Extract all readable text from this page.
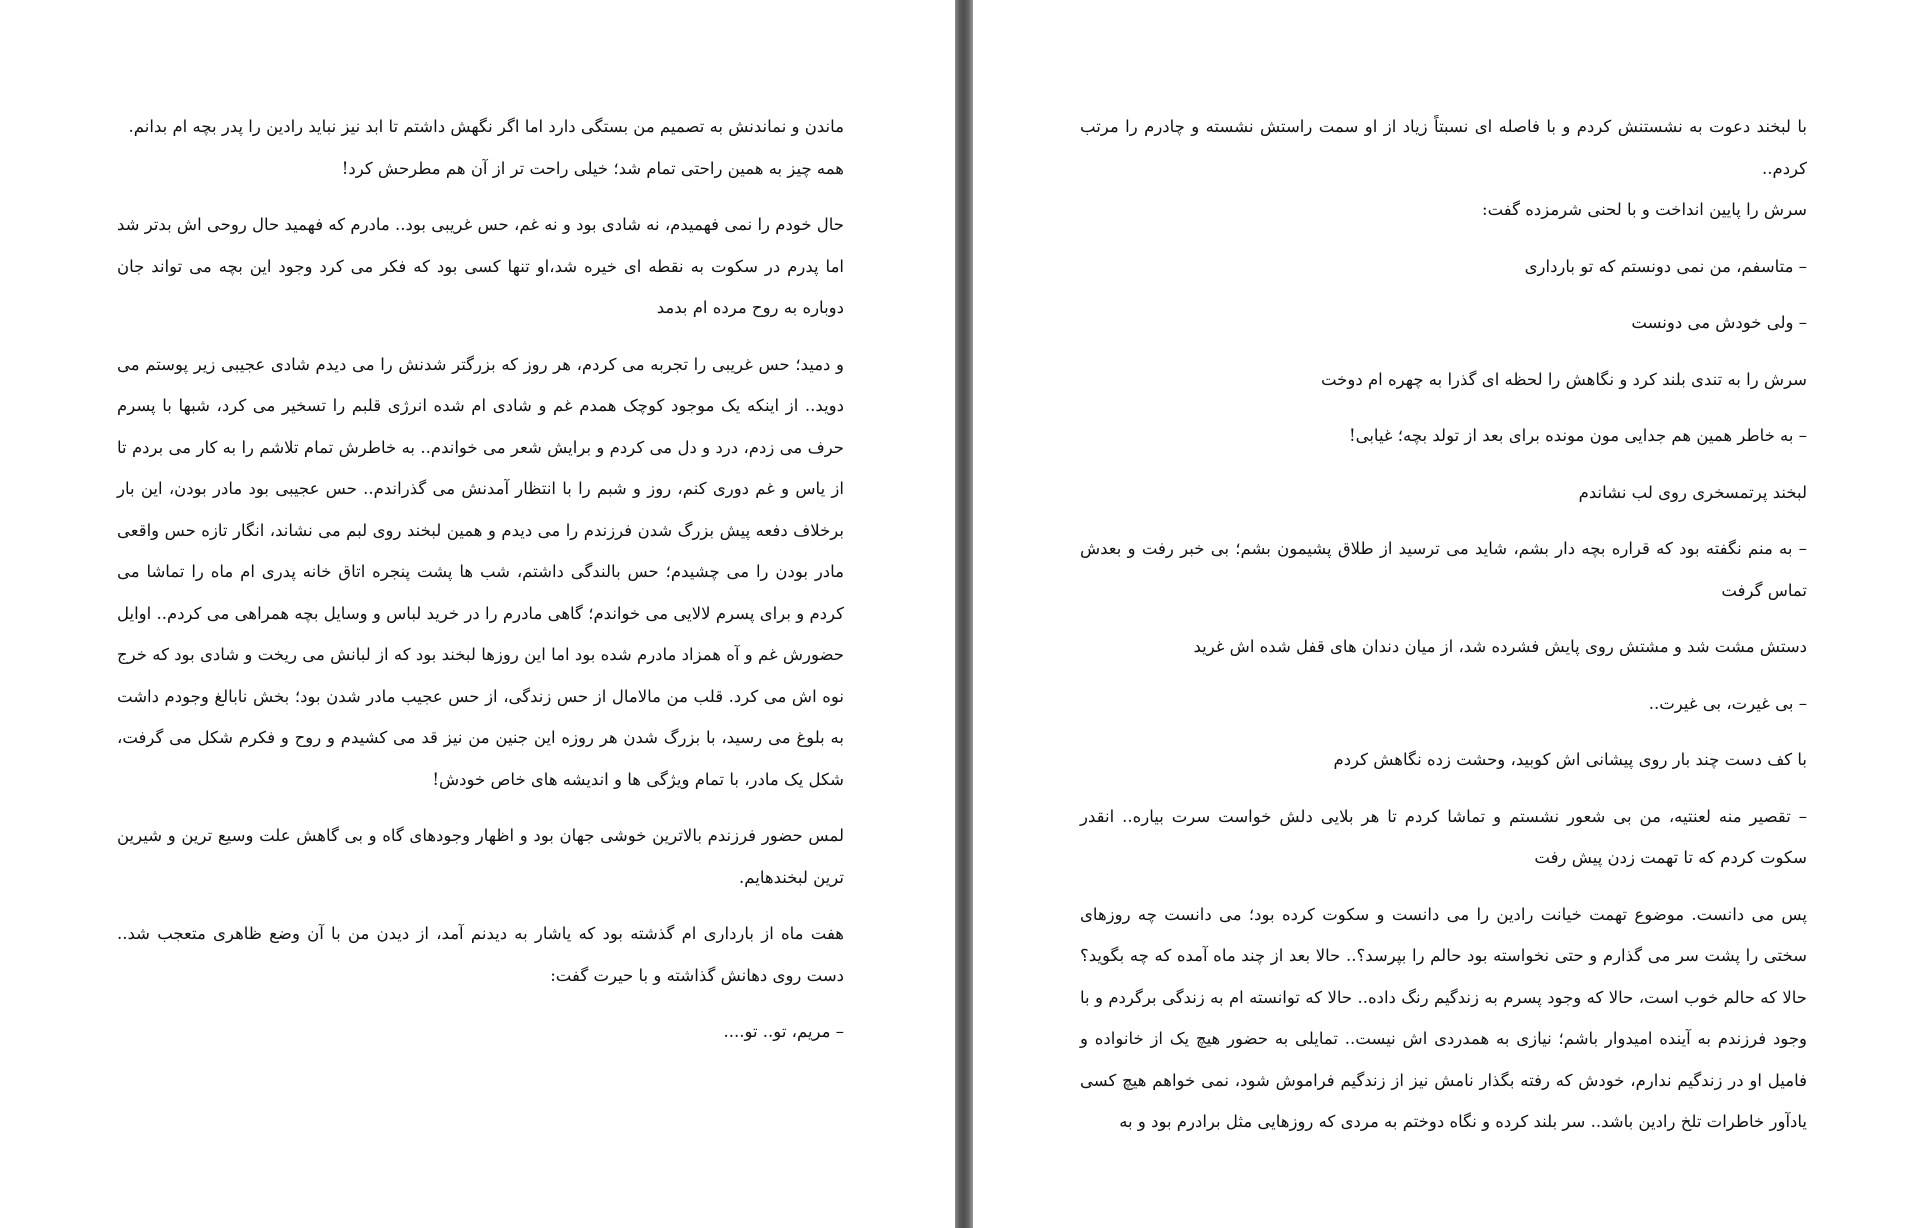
ماندن و نماندنش به تصمیم من بستگی دارد اما اگر نگهش داشتم تا ابد نیز نباید رادین را پدر بچه ام بدانم.

همه چیز به همین راحتی تمام شد؛ خیلی راحت تر از آن هم مطرحش کرد!

حال خودم را نمی فهمیدم، نه شادی بود و نه غم، حس غریبی بود.. مادرم که فهمید حال روحی اش بدتر شد اما پدرم در سکوت به نقطه ای خیره شد،او تنها کسی بود که فکر می کرد وجود این بچه می تواند جان دوباره به روح مرده ام بدمد

و دمید؛ حس غریبی را تجربه می کردم، هر روز که بزرگتر شدنش را می دیدم شادی عجیبی زیر پوستم می دوید.. از اینکه یک موجود کوچک همدم غم و شادی ام شده انرژی قلبم را تسخیر می کرد، شبها با پسرم حرف می زدم، درد و دل می کردم و برایش شعر می خواندم.. به خاطرش تمام تلاشم را به کار می بردم تا از یاس و غم دوری کنم، روز و شبم را با انتظار آمدنش می گذراندم.. حس عجیبی بود مادر بودن، این بار برخلاف دفعه پیش بزرگ شدن فرزندم را می دیدم و همین لبخند روی لبم می نشاند، انگار تازه حس واقعی مادر بودن را می چشیدم؛ حس بالندگی داشتم، شب ها پشت پنجره اتاق خانه پدری ام ماه را تماشا می کردم و برای پسرم لالایی می خواندم؛ گاهی مادرم را در خرید لباس و وسایل بچه همراهی می کردم.. اوایل حضورش غم و آه همزاد مادرم شده بود اما این روزها لبخند بود که از لبانش می ریخت و شادی بود که خرج نوه اش می کرد. قلب من مالامال از حس زندگی، از حس عجیب مادر شدن بود؛ بخش نابالغ وجودم داشت به بلوغ می رسید، با بزرگ شدن هر روزه این جنین من نیز قد می کشیدم و روح و فکرم شکل می گرفت، شکل یک مادر، با تمام ویژگی ها و اندیشه های خاص خودش!

لمس حضور فرزندم بالاترین خوشی جهان بود و اظهار وجودهای گاه و بی گاهش علت وسیع ترین و شیرین ترین لبخندهایم.

هفت ماه از بارداری ام گذشته بود که یاشار به دیدنم آمد، از دیدن من با آن وضع ظاهری متعجب شد.. دست روی دهانش گذاشته و با حیرت گفت:

– مریم، تو.. تو....

با لبخند دعوت به نشستنش کردم و با فاصله ای نسبتاً زیاد از او سمت راستش نشسته و چادرم را مرتب کردم..

سرش را پایین انداخت و با لحنی شرمزده گفت:

– متاسفم، من نمی دونستم که تو بارداری

– ولی خودش می دونست

سرش را به تندی بلند کرد و نگاهش را لحظه ای گذرا به چهره ام دوخت

– به خاطر همین هم جدایی مون مونده برای بعد از تولد بچه؛ غیابی!

لبخند پرتمسخری روی لب نشاندم

– به منم نگفته بود که قراره بچه دار بشم، شاید می ترسید از طلاق پشیمون بشم؛ بی خبر رفت و بعدش تماس گرفت

دستش مشت شد و مشتش روی پایش فشرده شد، از میان دندان های قفل شده اش غرید

– بی غیرت، بی غیرت..

با کف دست چند بار روی پیشانی اش کوبید، وحشت زده نگاهش کردم

– تقصیر منه لعنتیه، من بی شعور نشستم و تماشا کردم تا هر بلایی دلش خواست سرت بیاره.. انقدر سکوت کردم که تا تهمت زدن پیش رفت

پس می دانست. موضوع تهمت خیانت رادین را می دانست و سکوت کرده بود؛ می دانست چه روزهای سختی را پشت سر می گذارم و حتی نخواسته بود حالم را بپرسد؟.. حالا بعد از چند ماه آمده که چه بگوید؟ حالا که حالم خوب است، حالا که وجود پسرم به زندگیم رنگ داده.. حالا که توانسته ام به زندگی برگردم و با وجود فرزندم به آینده امیدوار باشم؛ نیازی به همدردی اش نیست.. تمایلی به حضور هیچ یک از خانواده و فامیل او در زندگیم ندارم، خودش که رفته بگذار نامش نیز از زندگیم فراموش شود، نمی خواهم هیچ کسی یادآور خاطرات تلخ رادین باشد.. سر بلند کرده و نگاه دوختم به مردی که روزهایی مثل برادرم بود و به
